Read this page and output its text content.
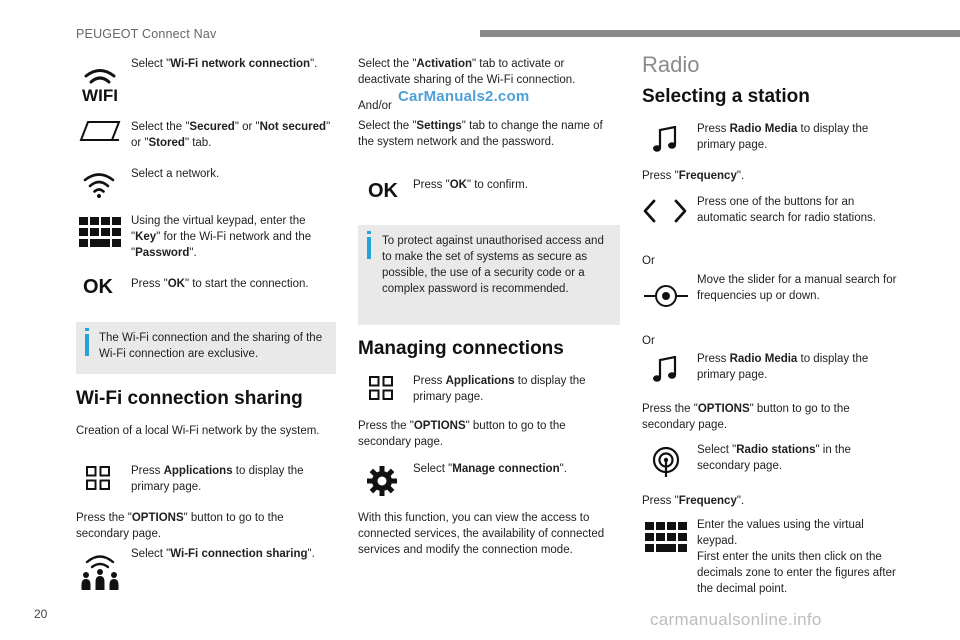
PEUGEOT Connect Nav
WIFI
Select "Wi-Fi network connection".
Select the "Secured" or "Not secured" or "Stored" tab.
Select a network.
Using the virtual keypad, enter the "Key" for the Wi-Fi network and the "Password".
OK Press "OK" to start the connection.
The Wi-Fi connection and the sharing of the Wi-Fi connection are exclusive.
Wi-Fi connection sharing
Creation of a local Wi-Fi network by the system.
Press Applications to display the primary page.
Press the "OPTIONS" button to go to the secondary page.
Select "Wi-Fi connection sharing".
Select the "Activation" tab to activate or deactivate sharing of the Wi-Fi connection.
And/or
CarManuals2.com
Select the "Settings" tab to change the name of the system network and the password.
OK Press "OK" to confirm.
To protect against unauthorised access and to make the set of systems as secure as possible, the use of a security code or a complex password is recommended.
Managing connections
Press Applications to display the primary page.
Press the "OPTIONS" button to go to the secondary page.
Select "Manage connection".
With this function, you can view the access to connected services, the availability of connected services and modify the connection mode.
Radio
Selecting a station
Press Radio Media to display the primary page.
Press "Frequency".
Press one of the buttons for an automatic search for radio stations.
Or
Move the slider for a manual search for frequencies up or down.
Or
Press Radio Media to display the primary page.
Press the "OPTIONS" button to go to the secondary page.
Select "Radio stations" in the secondary page.
Press "Frequency".
Enter the values using the virtual keypad.
First enter the units then click on the decimals zone to enter the figures after the decimal point.
20	carmanualsonline.info
